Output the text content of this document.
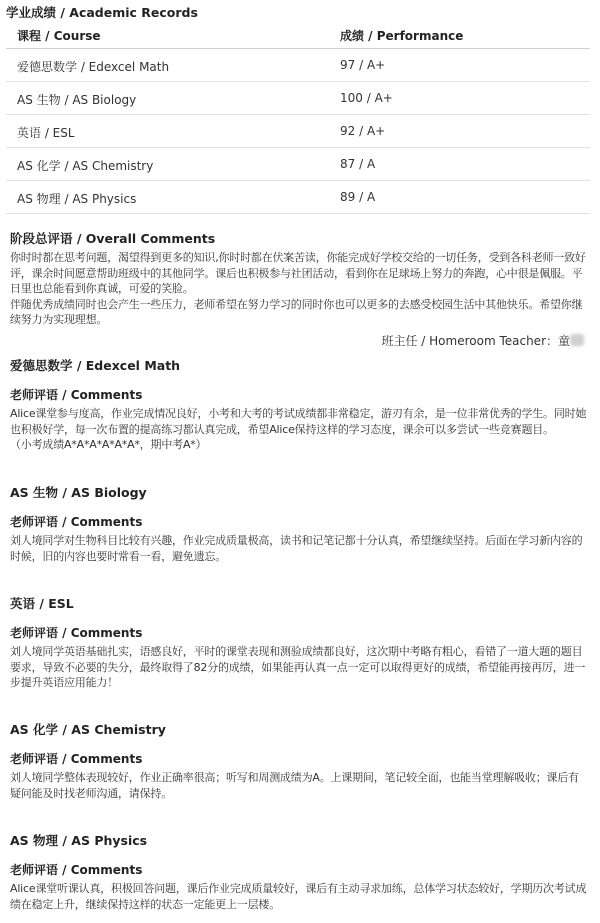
学业成绩 / Academic Records
课程 / Course	成绩 / Performance
爱德思数学 / Edexcel Math	97 / A+
AS 生物 / AS Biology	100 / A+
英语 / ESL	92 / A+
AS 化学 / AS Chemistry	87 / A
AS 物理 / AS Physics	89 / A
阶段总评语 / Overall Comments
你时时都在思考问题，渴望得到更多的知识,你时时都在伏案苦读，你能完成好学校交给的一切任务，受到各科老师一致好评，课余时间愿意帮助班级中的其他同学。课后也积极参与社团活动，看到你在足球场上努力的奔跑，心中很是佩服。平日里也总能看到你真诚，可爱的笑脸。
伴随优秀成绩同时也会产生一些压力，老师希望在努力学习的同时你也可以更多的去感受校园生活中其他快乐。希望你继续努力为实现理想。
班主任 / Homeroom Teacher：童
爱德思数学 / Edexcel Math
老师评语 / Comments
Alice课堂参与度高，作业完成情况良好，小考和大考的考试成绩都非常稳定，游刃有余，是一位非常优秀的学生。同时她也积极好学，每一次布置的提高练习都认真完成，希望Alice保持这样的学习态度，课余可以多尝试一些竞赛题目。
（小考成绩A*A*A*A*A*A*，期中考A*）
AS 生物 / AS Biology
老师评语 / Comments
刘人境同学对生物科目比较有兴趣，作业完成质量极高，读书和记笔记都十分认真，希望继续坚持。后面在学习新内容的时候，旧的内容也要时常看一看，避免遗忘。
英语 / ESL
老师评语 / Comments
刘人境同学英语基础扎实，语感良好，平时的课堂表现和测验成绩都良好，这次期中考略有粗心，看错了一道大题的题目要求，导致不必要的失分，最终取得了82分的成绩，如果能再认真一点一定可以取得更好的成绩，希望能再接再厉，进一步提升英语应用能力！
AS 化学 / AS Chemistry
老师评语 / Comments
刘人境同学整体表现较好，作业正确率很高；听写和周测成绩为A。上课期间，笔记较全面，也能当堂理解吸收；课后有疑问能及时找老师沟通，请保持。
AS 物理 / AS Physics
老师评语 / Comments
Alice课堂听课认真，积极回答问题，课后作业完成质量较好，课后有主动寻求加练，总体学习状态较好，学期历次考试成绩在稳定上升，继续保持这样的状态一定能更上一层楼。
